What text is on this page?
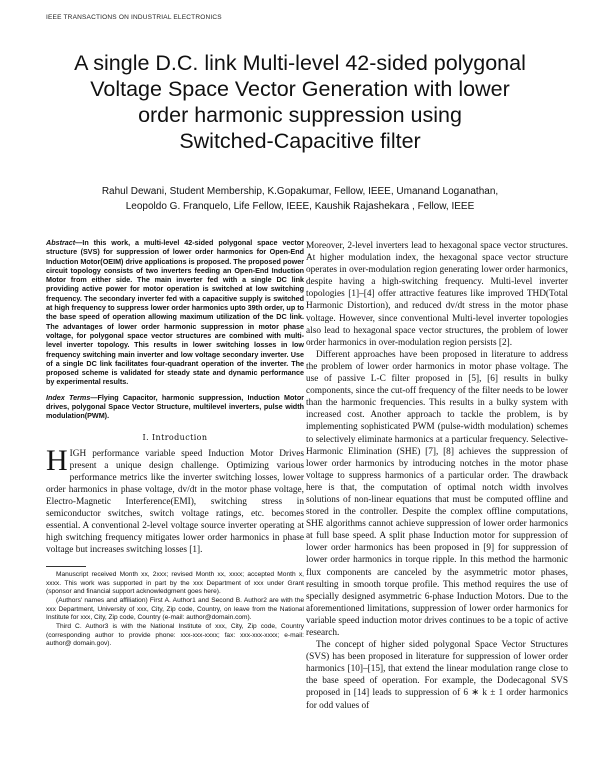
IEEE TRANSACTIONS ON INDUSTRIAL ELECTRONICS
A single D.C. link Multi-level 42-sided polygonal
Voltage Space Vector Generation with lower
order harmonic suppression using
Switched-Capacitive filter
Rahul Dewani, Student Membership, K.Gopakumar, Fellow, IEEE, Umanand Loganathan,
Leopoldo G. Franquelo, Life Fellow, IEEE, Kaushik Rajashekara , Fellow, IEEE
Abstract—In this work, a multi-level 42-sided polygonal space vector structure (SVS) for suppression of lower order harmonics for Open-End Induction Motor(OEIM) drive applications is proposed. The proposed power circuit topology consists of two inverters feeding an Open-End Induction Motor from either side. The main inverter fed with a single DC link providing active power for motor operation is switched at low switching frequency. The secondary inverter fed with a capacitive supply is switched at high frequency to suppress lower order harmonics upto 39th order, up to the base speed of operation allowing maximum utilization of the DC link. The advantages of lower order harmonic suppression in motor phase voltage, for polygonal space vector structures are combined with multi-level inverter topology. This results in lower switching losses in low frequency switching main inverter and low voltage secondary inverter. Use of a single DC link facilitates four-quadrant operation of the inverter. The proposed scheme is validated for steady state and dynamic performance by experimental results.
Index Terms—Flying Capacitor, harmonic suppression, Induction Motor drives, polygonal Space Vector Structure, multilevel inverters, pulse width modulation(PWM).
I. Introduction
HIGH performance variable speed Induction Motor Drives present a unique design challenge. Optimizing various performance metrics like the inverter switching losses, lower order harmonics in phase voltage, dv/dt in the motor phase voltage, Electro-Magnetic Interference(EMI), switching stress in semiconductor switches, switch voltage ratings, etc. becomes essential. A conventional 2-level voltage source inverter operating at high switching frequency mitigates lower order harmonics in phase voltage but increases switching losses [1].

Manuscript received Month xx, 2xxx; revised Month xx, xxxx; accepted Month x, xxxx. This work was supported in part by the xxx Department of xxx under Grant (sponsor and financial support acknowledgment goes here).

(Authors' names and affiliation) First A. Author1 and Second B. Author2 are with the xxx Department, University of xxx, City, Zip code, Country, on leave from the National Institute for xxx, City, Zip code, Country (e-mail: author@domain.com).

Third C. Author3 is with the National Institute of xxx, City, Zip code, Country (corresponding author to provide phone: xxx-xxx-xxxx; fax: xxx-xxx-xxxx; e-mail: author@ domain.gov).

Moreover, 2-level inverters lead to hexagonal space vector structures. At higher modulation index, the hexagonal space vector structure operates in over-modulation region generating lower order harmonics, despite having a high-switching frequency. Multi-level inverter topologies [1]–[4] offer attractive features like improved THD(Total Harmonic Distortion), and reduced dv/dt stress in the motor phase voltage. However, since conventional Multi-level inverter topologies also lead to hexagonal space vector structures, the problem of lower order harmonics in over-modulation region persists [2].

Different approaches have been proposed in literature to address the problem of lower order harmonics in motor phase voltage. The use of passive L-C filter proposed in [5], [6] results in bulky components, since the cut-off frequency of the filter needs to be lower than the harmonic frequencies. This results in a bulky system with increased cost. Another approach to tackle the problem, is by implementing sophisticated PWM (pulse-width modulation) schemes to selectively eliminate harmonics at a particular frequency. Selective-Harmonic Elimination (SHE) [7], [8] achieves the suppression of lower order harmonics by introducing notches in the motor phase voltage to suppress harmonics of a particular order. The drawback here is that, the computation of optimal notch width involves solutions of non-linear equations that must be computed offline and stored in the controller. Despite the complex offline computations, SHE algorithms cannot achieve suppression of lower order harmonics at full base speed. A split phase Induction motor for suppression of lower order harmonics has been proposed in [9] for suppression of lower order harmonics in torque ripple. In this method the harmonic flux components are canceled by the asymmetric motor phases, resulting in smooth torque profile. This method requires the use of specially designed asymmetric 6-phase Induction Motors. Due to the aforementioned limitations, suppression of lower order harmonics for variable speed induction motor drives continues to be a topic of active research.

The concept of higher sided polygonal Space Vector Structures (SVS) has been proposed in literature for suppression of lower order harmonics [10]–[15], that extend the linear modulation range close to the base speed of operation. For example, the Dodecagonal SVS proposed in [14] leads to suppression of 6 ∗ k ± 1 order harmonics for odd values of
